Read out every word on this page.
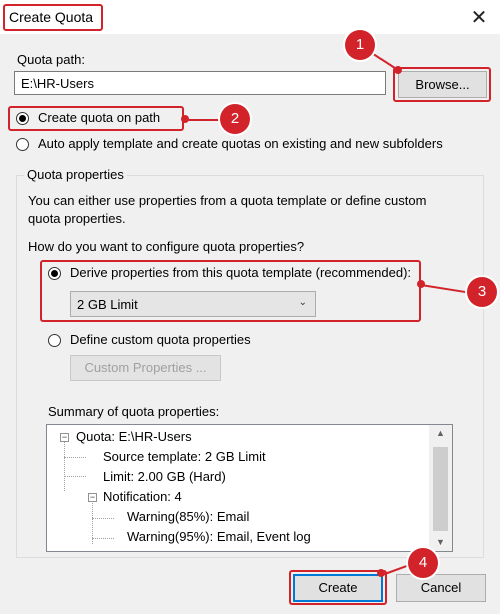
Create Quota	✕
Quota path:
E:\HR-Users
Browse...
Create quota on path
Auto apply template and create quotas on existing and new subfolders
Quota properties
You can either use properties from a quota template or define custom quota properties.
How do you want to configure quota properties?
Derive properties from this quota template (recommended):
2 GB Limit	⌄
Define custom quota properties
Custom Properties ...
Summary of quota properties:
− Quota: E:\HR-Users
Source template: 2 GB Limit
Limit: 2.00 GB (Hard)
− Notification: 4
Warning(85%): Email
Warning(95%): Email, Event log
▲
▼
Create	Cancel
1
2
3
4
